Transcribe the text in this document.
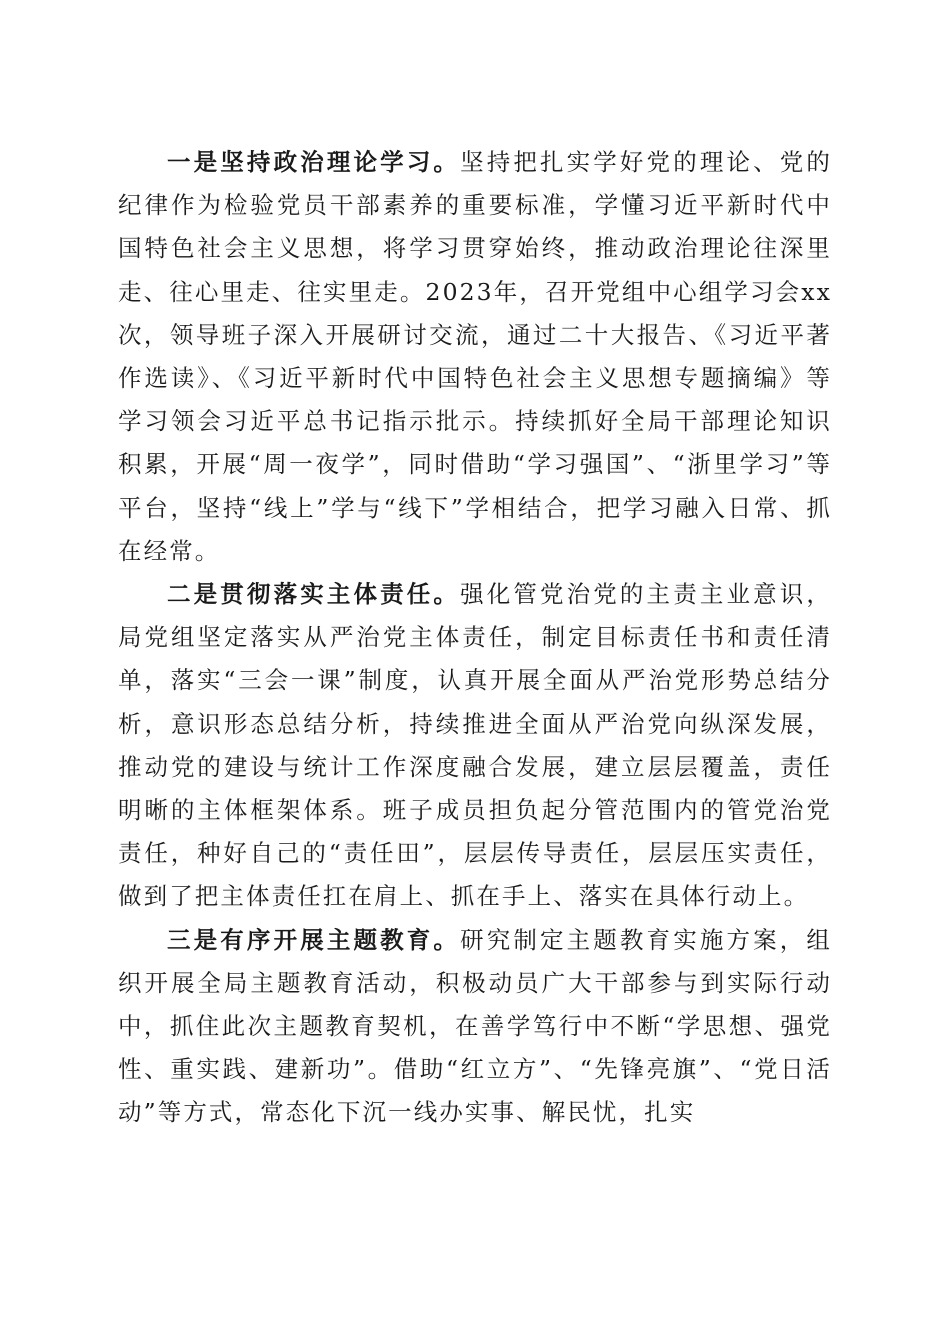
一是坚持政治理论学习。坚持把扎实学好党的理论、党的纪律作为检验党员干部素养的重要标准，学懂习近平新时代中国特色社会主义思想，将学习贯穿始终，推动政治理论往深里走、往心里走、往实里走。2023年，召开党组中心组学习会xx次，领导班子深入开展研讨交流，通过二十大报告、《习近平著作选读》、《习近平新时代中国特色社会主义思想专题摘编》等学习领会习近平总书记指示批示。持续抓好全局干部理论知识积累，开展“周一夜学”，同时借助“学习强国”、“浙里学习”等平台，坚持“线上”学与“线下”学相结合，把学习融入日常、抓在经常。

二是贯彻落实主体责任。强化管党治党的主责主业意识，局党组坚定落实从严治党主体责任，制定目标责任书和责任清单，落实“三会一课”制度，认真开展全面从严治党形势总结分析，意识形态总结分析，持续推进全面从严治党向纵深发展，推动党的建设与统计工作深度融合发展，建立层层覆盖，责任明晰的主体框架体系。班子成员担负起分管范围内的管党治党责任，种好自己的“责任田”，层层传导责任，层层压实责任，做到了把主体责任扛在肩上、抓在手上、落实在具体行动上。

三是有序开展主题教育。研究制定主题教育实施方案，组织开展全局主题教育活动，积极动员广大干部参与到实际行动中，抓住此次主题教育契机，在善学笃行中不断“学思想、强党性、重实践、建新功”。借助“红立方”、“先锋亮旗”、“党日活动”等方式，常态化下沉一线办实事、解民忧，扎实
